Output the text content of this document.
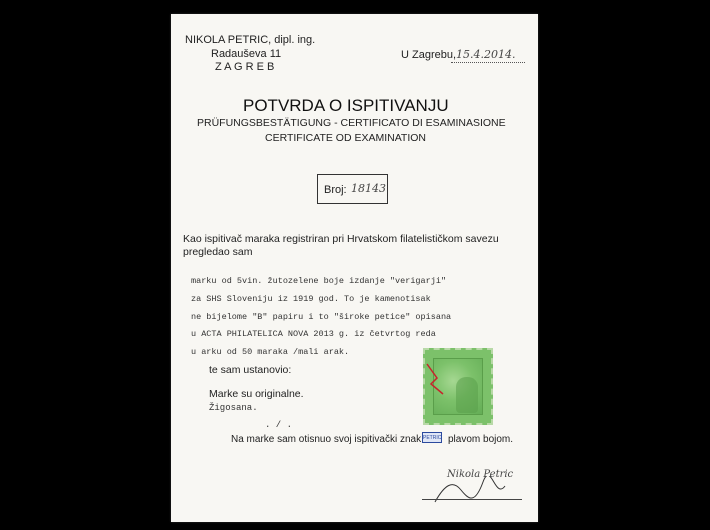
NIKOLA PETRIC, dipl. ing.
Radauševa 11
Z A G R E B
U Zagrebu, 15.4.2014.
POTVRDA O ISPITIVANJU
PRÜFUNGSBESTÄTIGUNG - CERTIFICATO DI ESAMINASIONE
CERTIFICATE OD EXAMINATION
Broj: 18143
Kao ispitivač maraka registriran pri Hrvatskom filatelističkom savezu
pregledao sam
marku od 5vin. žutozelene boje izdanje "verigarji"
za SHS Sloveniju iz 1919 god. To je kamenotisak
ne bijelome "B" papiru i to "široke petice" opisana
u ACTA PHILATELICA NOVA 2013 g. iz četvrtog reda
u arku od 50 maraka /mali arak.
te sam ustanovio:
Marke su originalne.
Žigosana.
. / .
Na marke sam otisnuo svoj ispitivački znak PETRIC plavom bojom.
Nikola Petric
